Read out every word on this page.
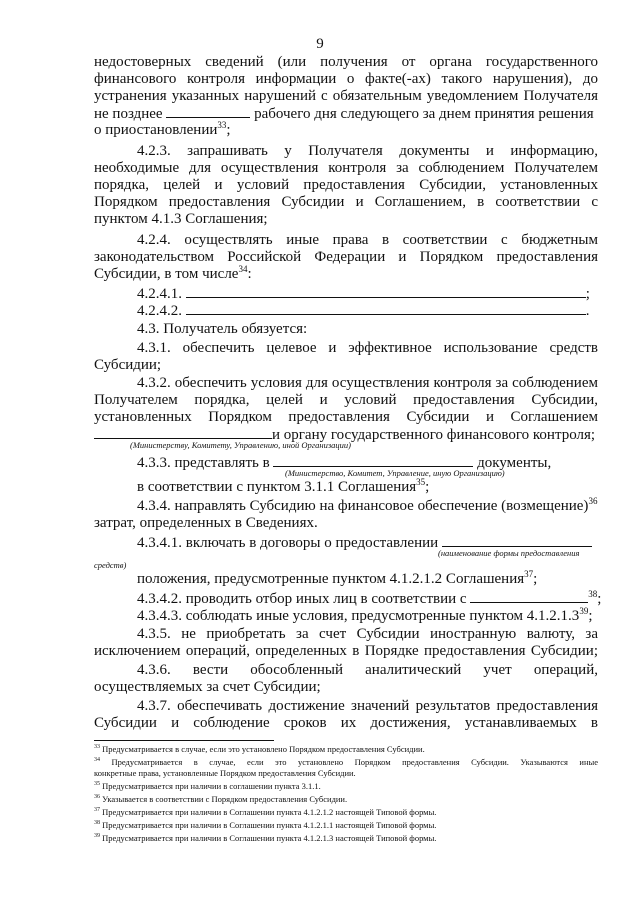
9
недостоверных сведений (или получения от органа государственного
финансового контроля информации о факте(-ах) такого нарушения), до
устранения указанных нарушений с обязательным уведомлением Получателя
не позднее	рабочего дня следующего за днем принятия решения
о приостановлении$^{33}$;
4.2.3. запрашивать у Получателя документы и информацию,
необходимые для осуществления контроля за соблюдением Получателем
порядка, целей и условий предоставления Субсидии, установленных
Порядком предоставления Субсидии и Соглашением, в соответствии с
пунктом 4.1.3 Соглашения;
4.2.4. осуществлять иные права в соответствии с бюджетным
законодательством Российской Федерации и Порядком предоставления
Субсидии, в том числе$^{34}$:
4.2.4.1.	;
4.2.4.2.	.
4.3. Получатель обязуется:
4.3.1. обеспечить целевое и эффективное использование средств
Субсидии;
4.3.2. обеспечить условия для осуществления контроля за соблюдением
Получателем порядка, целей и условий предоставления Субсидии,
установленных Порядком предоставления Субсидии и Соглашением
и органу государственного финансового контроля;
(Министерству, Комитету, Управлению, иной Организации)
4.3.3. представлять в	документы,
(Министерство, Комитет, Управление, иную Организацию)
в соответствии с пунктом 3.1.1 Соглашения$^{35}$;
4.3.4. направлять Субсидию на финансовое обеспечение (возмещение)$^{36}$
затрат, определенных в Сведениях.
4.3.4.1. включать в договоры о предоставлении
(наименование формы предоставления
средств)
положения, предусмотренные пунктом 4.1.2.1.2 Соглашения$^{37}$;
4.3.4.2. проводить отбор иных лиц в соответствии с	$^{38}$;
4.3.4.3. соблюдать иные условия, предусмотренные пунктом 4.1.2.1.3$^{39}$;
4.3.5. не приобретать за счет Субсидии иностранную валюту, за
исключением операций, определенных в Порядке предоставления Субсидии;
4.3.6. вести обособленный аналитический учет операций,
осуществляемых за счет Субсидии;
4.3.7. обеспечивать достижение значений результатов предоставления
Субсидии и соблюдение сроков их достижения, устанавливаемых в
$^{33}$ Предусматривается в случае, если это установлено Порядком предоставления Субсидии.
$^{34}$ Предусматривается в случае, если это установлено Порядком предоставления Субсидии. Указываются иные
конкретные права, установленные Порядком предоставления Субсидии.
$^{35}$ Предусматривается при наличии в соглашении пункта 3.1.1.
$^{36}$ Указывается в соответствии с Порядком предоставления Субсидии.
$^{37}$ Предусматривается при наличии в Соглашении пункта 4.1.2.1.2 настоящей Типовой формы.
$^{38}$ Предусматривается при наличии в Соглашении пункта 4.1.2.1.1 настоящей Типовой формы.
$^{39}$ Предусматривается при наличии в Соглашении пункта 4.1.2.1.3 настоящей Типовой формы.
